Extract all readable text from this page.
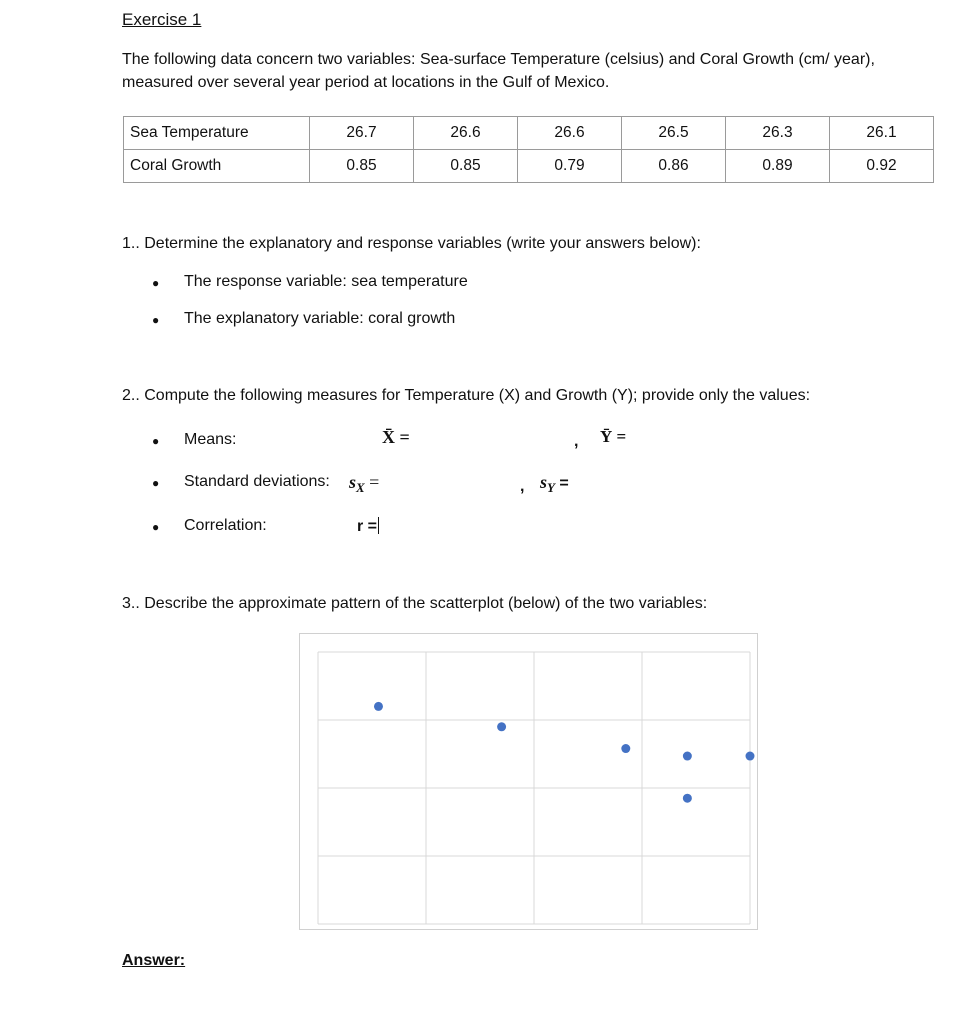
Exercise 1
The following data concern two variables: Sea-surface Temperature (celsius) and Coral Growth (cm/ year), measured over several year period at locations in the Gulf of Mexico.
Sea Temperature	26.7	26.6	26.6	26.5	26.3	26.1
Coral Growth	0.85	0.85	0.79	0.86	0.89	0.92
1.. Determine the explanatory and response variables (write your answers below):
● The response variable: sea temperature
● The explanatory variable: coral growth
2.. Compute the following measures for Temperature (X) and Growth (Y); provide only the values:
● Means:	X̄ =	, Ȳ =
● Standard deviations: $s_X$ =	, $s_Y$ =
● Correlation:	r =
3.. Describe the approximate pattern of the scatterplot (below) of the two variables:
Answer:
